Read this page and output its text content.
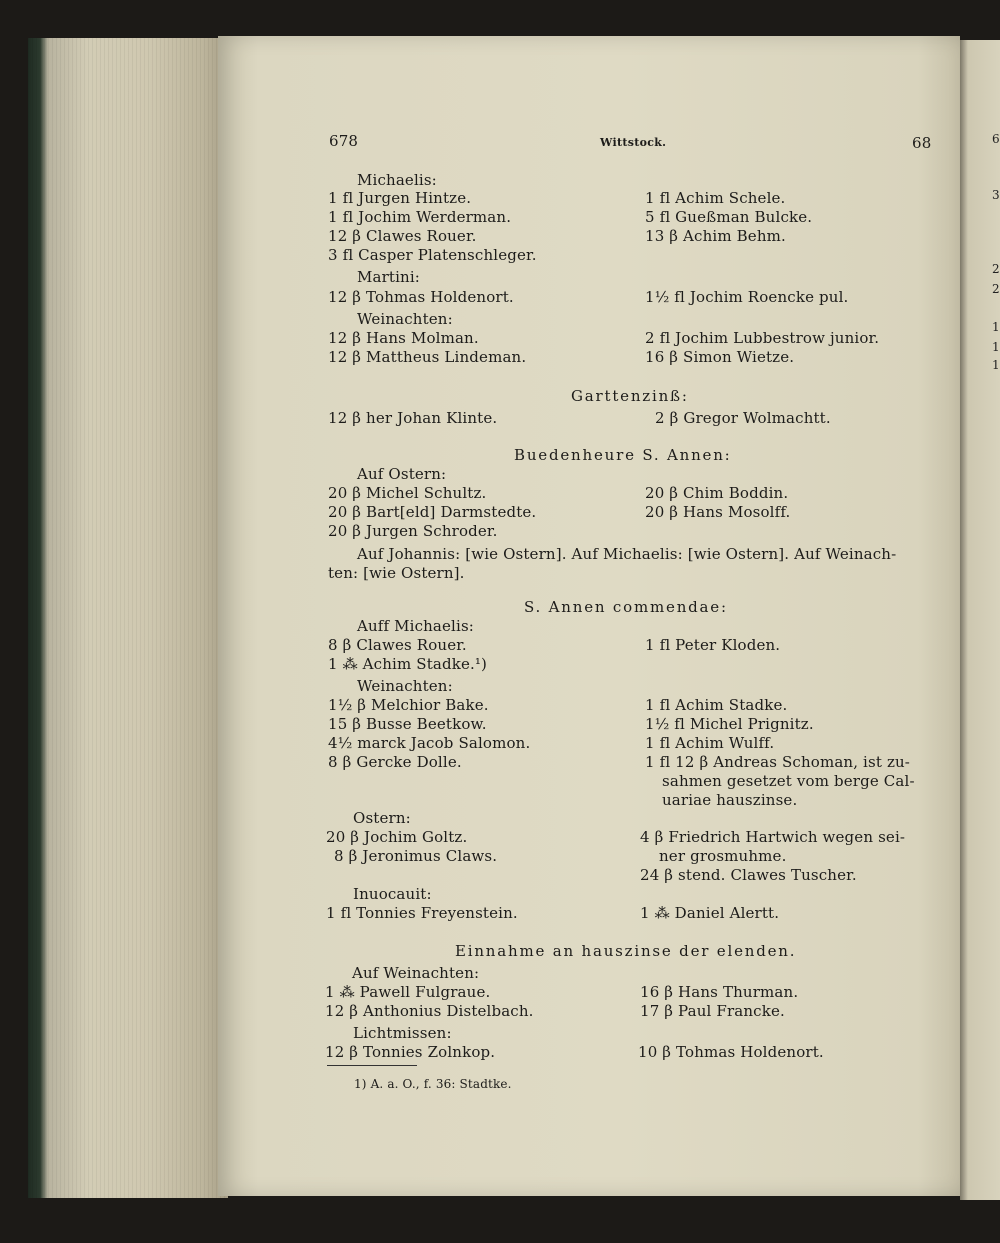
6
3
2
2
1
1
1
678	Wittstock.	68
Michaelis:
1 fl Jurgen Hintze.	1 fl Achim Schele.
1 fl Jochim Werderman.	5 fl Gueßman Bulcke.
12 β Clawes Rouer.	13 β Achim Behm.
3 fl Casper Platenschleger.
Martini:
12 β Tohmas Holdenort.	1½ fl Jochim Roencke pul.
Weinachten:
12 β Hans Molman.	2 fl Jochim Lubbestrow junior.
12 β Mattheus Lindeman.	16 β Simon Wietze.
Garttenzinß:
12 β her Johan Klinte.	2 β Gregor Wolmachtt.
Buedenheure S. Annen:
Auf Ostern:
20 β Michel Schultz.	20 β Chim Boddin.
20 β Bart[eld] Darmstedte.	20 β Hans Mosolff.
20 β Jurgen Schroder.
Auf Johannis: [wie Ostern]. Auf Michaelis: [wie Ostern]. Auf Weinach-
ten: [wie Ostern].
S. Annen commendae:
Auff Michaelis:
8 β Clawes Rouer.	1 fl Peter Kloden.
1 ⁂ Achim Stadke.¹)
Weinachten:
1½ β Melchior Bake.	1 fl Achim Stadke.
15 β Busse Beetkow.	1½ fl Michel Prignitz.
4½ marck Jacob Salomon.	1 fl Achim Wulff.
8 β Gercke Dolle.	1 fl 12 β Andreas Schoman, ist zu-
sahmen gesetzet vom berge Cal-
uariae hauszinse.
Ostern:
20 β Jochim Goltz.	4 β Friedrich Hartwich wegen sei-
8 β Jeronimus Claws.	ner grosmuhme.
24 β stend. Clawes Tuscher.
Inuocauit:
1 fl Tonnies Freyenstein.	1 ⁂ Daniel Alertt.
Einnahme an hauszinse der elenden.
Auf Weinachten:
1 ⁂ Pawell Fulgraue.	16 β Hans Thurman.
12 β Anthonius Distelbach.	17 β Paul Francke.
Lichtmissen:
12 β Tonnies Zolnkop.	10 β Tohmas Holdenort.
1) A. a. O., f. 36: Stadtke.
